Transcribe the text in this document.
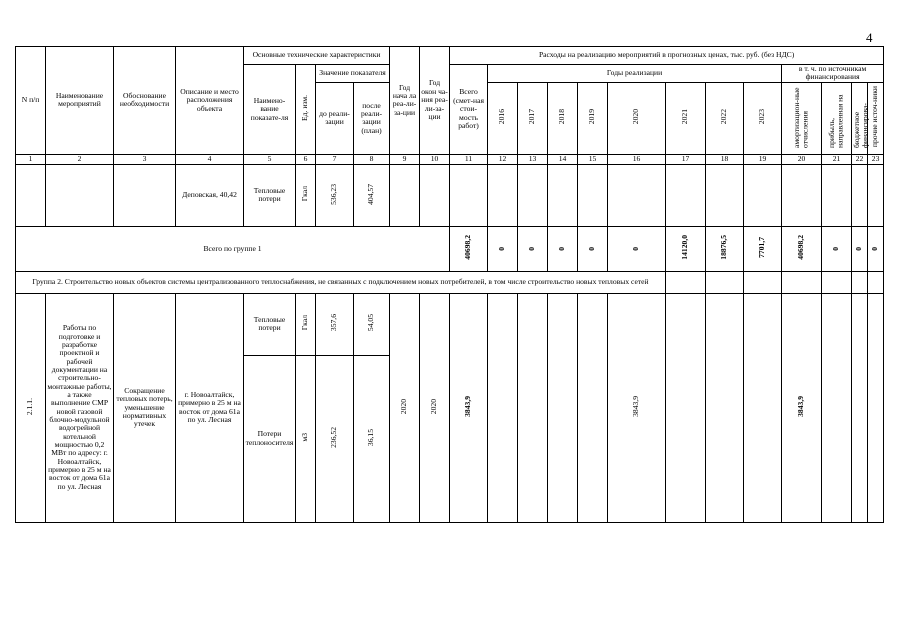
4
N п/п	Наименование мероприятий	Обоснование необходимости	Описание и место расположения объекта	Основные технические характеристики				Год нача ла реа-ли-за-ции	Год окон ча-ния реа-ли-за-ции	Расходы на реализацию мероприятий в прогнозных ценах, тыс. руб. (без НДС)												
				Наимено-вание показате-ля	Ед. изм.	Значение показателя				Всего (смет-ная стои-мость работ)	Годы реализации								в т. ч. по источникам финансирования			
						до реали-зации	после реали-зации (план)				2016	2017	2018	2019	2020	2021	2022	2023	амортизацион-ные отчисления	прибыль, направленная на	бюджетное финансирова-	прочие источ-ники

1	2	3	4	5	6	7	8	9	10	11	12	13	14	15	16	17	18	19	20	21	22	23
			Деповская, 40,42	Тепловые потери	Гкал	536,23	404,57															
Всего по группе 1										40698,2	0	0	0	0	0	14120,0	18876,5	7701,7	40698,2	0	0	0
Группа 2. Строительство новых объектов системы централизованного теплоснабжения, не связанных с подключением новых потребителей, в том числе строительство новых тепловых сетей																						
2.1.1.	Работы по подготовке и разработке проектной и рабочей документации на строительно-монтажные работы, а также выполнение СМР новой газовой блочно-модульной водогрейной котельной мощностью 0,2 МВт по адресу: г. Новоалтайск, примерно в 25 м на восток от дома 61а по ул. Лесная	Сокращение тепловых потерь, уменьшение нормативных утечек	г. Новоалтайск, примерно в 25 м на восток от дома 61а по ул. Лесная	Тепловые потери	Гкал	357,6	54,05	2020	2020	3843,9					3843,9				3843,9			
				Потери теплоносителя	м3	236,52	36,15															
